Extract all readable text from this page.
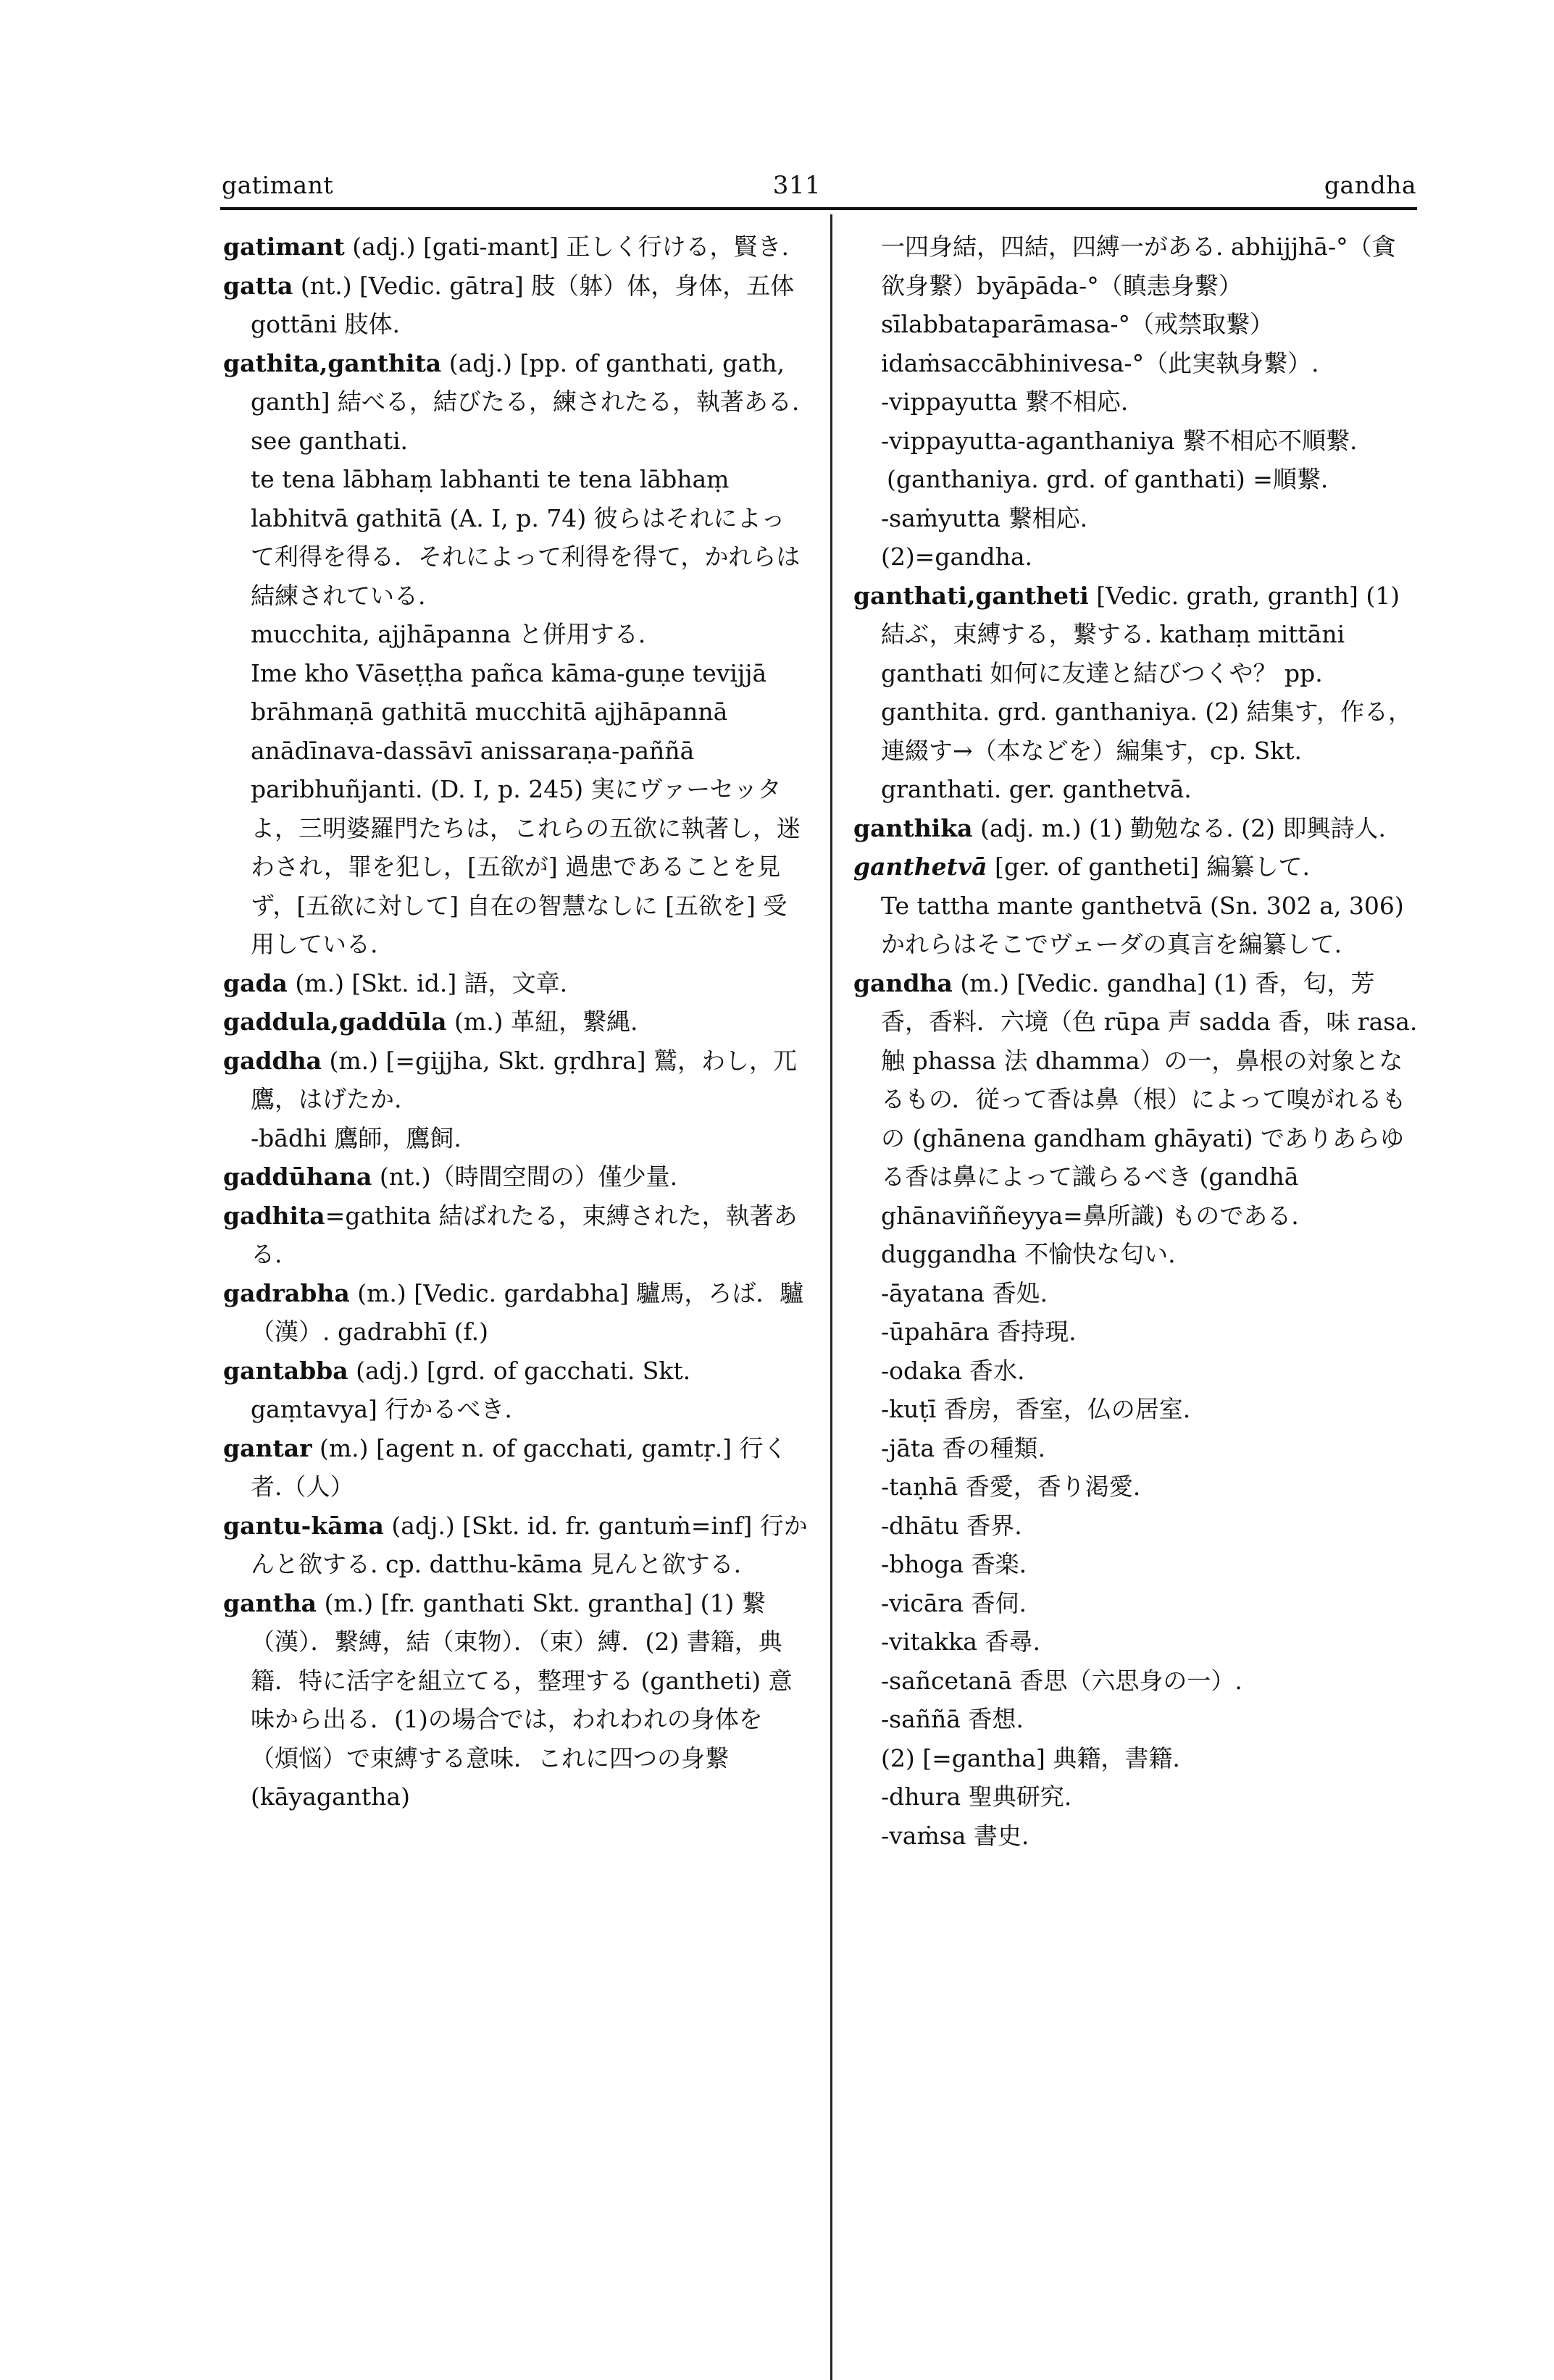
gatimant	311	gandha

gatimant (adj.) [gati-mant] 正しく行ける，賢き.

gatta (nt.) [Vedic. gātra] 肢（躰）体，身体，五体

gottāni 肢体.

gathita,ganthita (adj.) [pp. of ganthati, gath, ganth] 結べる，結びたる，練されたる，執著ある. see ganthati.

te tena lābhaṃ labhanti te tena lābhaṃ labhitvā gathitā (A. I, p. 74) 彼らはそれによって利得を得る．それによって利得を得て，かれらは結練されている.

mucchita, ajjhāpanna と併用する.

Ime kho Vāseṭṭha pañca kāma-guṇe tevijjā brāhmaṇā gathitā mucchitā ajjhāpannā anādīnava-dassāvī anissaraṇa-paññā paribhuñjanti. (D. I, p. 245) 実にヴァーセッタよ，三明婆羅門たちは，これらの五欲に執著し，迷わされ，罪を犯し，[五欲が] 過患であることを見ず，[五欲に対して] 自在の智慧なしに [五欲を] 受用している.

gada (m.) [Skt. id.] 語，文章.

gaddula,gaddūla (m.) 革紐，繋縄.

gaddha (m.) [=gijjha, Skt. gṛdhra] 鷲，わし，兀鷹，はげたか.

-bādhi 鷹師，鷹飼.

gaddūhana (nt.)（時間空間の）僅少量.

gadhita=gathita 結ばれたる，束縛された，執著ある.

gadrabha (m.) [Vedic. gardabha] 驢馬，ろば．驢（漢）. gadrabhī (f.)

gantabba (adj.) [grd. of gacchati. Skt. gaṃtavya] 行かるべき.

gantar (m.) [agent n. of gacchati, gamtṛ.] 行く者.（人）

gantu-kāma (adj.) [Skt. id. fr. gantuṁ=inf] 行かんと欲する. cp. datthu-kāma 見んと欲する.

gantha (m.) [fr. ganthati Skt. grantha] (1) 繋（漢）．繋縛，結（束物）．（束）縛．(2) 書籍，典籍．特に活字を組立てる，整理する (gantheti) 意味から出る．(1)の場合では，われわれの身体を（煩悩）で束縛する意味．これに四つの身繋 (kāyagantha)

一四身結，四結，四縛一がある. abhijjhā-°（貪欲身繋）byāpāda-°（瞋恚身繋）sīlabbataparāmasa-°（戒禁取繋）idaṁsaccābhinivesa-°（此実執身繋）.

-vippayutta 繋不相応.

-vippayutta-aganthaniya 繋不相応不順繋.

(ganthaniya. grd. of ganthati) =順繋.

-saṁyutta 繋相応.

(2)=gandha.

ganthati,gantheti [Vedic. grath, granth] (1) 結ぶ，束縛する，繋する. kathaṃ mittāni ganthati 如何に友達と結びつくや？ pp. ganthita. grd. ganthaniya. (2) 結集す，作る，連綴す→（本などを）編集す，cp. Skt. granthati. ger. ganthetvā.

ganthika (adj. m.) (1) 勤勉なる. (2) 即興詩人.

ganthetvā [ger. of gantheti] 編纂して.

Te tattha mante ganthetvā (Sn. 302 a, 306) かれらはそこでヴェーダの真言を編纂して.

gandha (m.) [Vedic. gandha] (1) 香，匂，芳香，香料．六境（色 rūpa 声 sadda 香，味 rasa. 触 phassa 法 dhamma）の一，鼻根の対象となるもの．従って香は鼻（根）によって嗅がれるもの (ghānena gandham ghāyati) でありあらゆる香は鼻によって識らるべき (gandhā ghānaviññeyya=鼻所識) ものである.

duggandha 不愉快な匂い.

-āyatana 香処.

-ūpahāra 香持現.

-odaka 香水.

-kuṭī 香房，香室，仏の居室.

-jāta 香の種類.

-taṇhā 香愛，香り渇愛.

-dhātu 香界.

-bhoga 香楽.

-vicāra 香伺.

-vitakka 香尋.

-sañcetanā 香思（六思身の一）.

-saññā 香想.

(2) [=gantha] 典籍，書籍.

-dhura 聖典研究.

-vaṁsa 書史.
